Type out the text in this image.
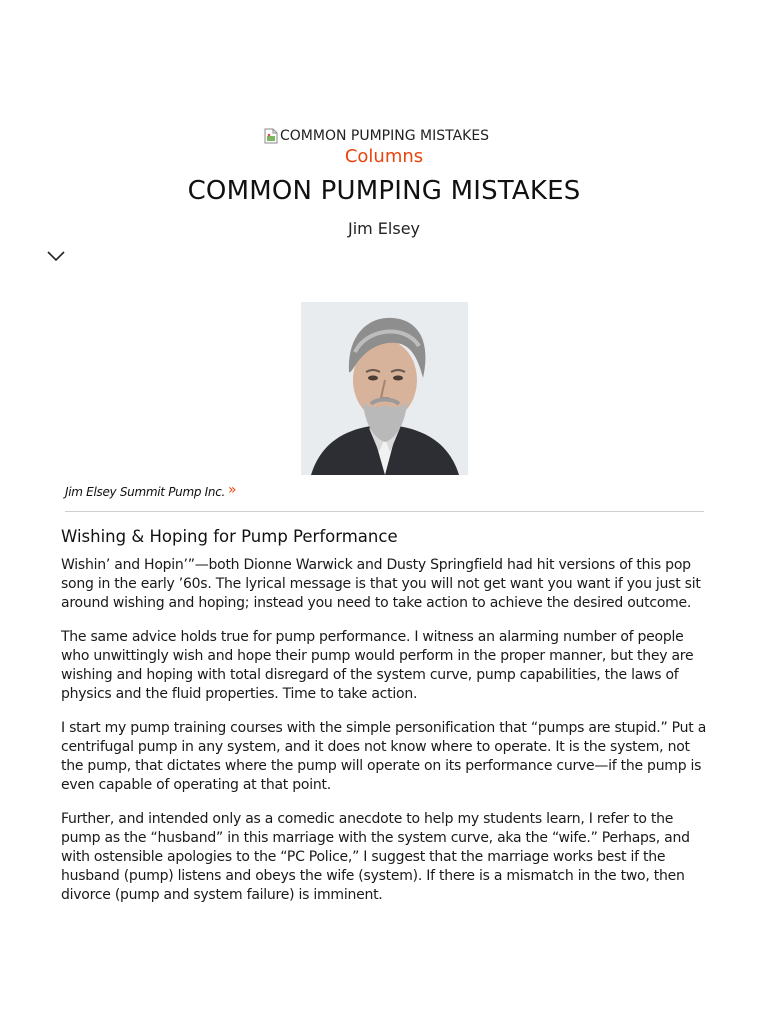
COMMON PUMPING MISTAKES
Columns
COMMON PUMPING MISTAKES
Jim Elsey
Jim Elsey Summit Pump Inc. »
Wishing & Hoping for Pump Performance

Wishin’ and Hopin’”—both Dionne Warwick and Dusty Springfield had hit versions of this pop song in the early ’60s. The lyrical message is that you will not get want you want if you just sit around wishing and hoping; instead you need to take action to achieve the desired outcome.

The same advice holds true for pump performance. I witness an alarming number of people who unwittingly wish and hope their pump would perform in the proper manner, but they are wishing and hoping with total disregard of the system curve, pump capabilities, the laws of physics and the fluid properties. Time to take action.

I start my pump training courses with the simple personification that “pumps are stupid.” Put a centrifugal pump in any system, and it does not know where to operate. It is the system, not the pump, that dictates where the pump will operate on its performance curve—if the pump is even capable of operating at that point.

Further, and intended only as a comedic anecdote to help my students learn, I refer to the pump as the “husband” in this marriage with the system curve, aka the “wife.” Perhaps, and with ostensible apologies to the “PC Police,” I suggest that the marriage works best if the husband (pump) listens and obeys the wife (system). If there is a mismatch in the two, then divorce (pump and system failure) is imminent.
